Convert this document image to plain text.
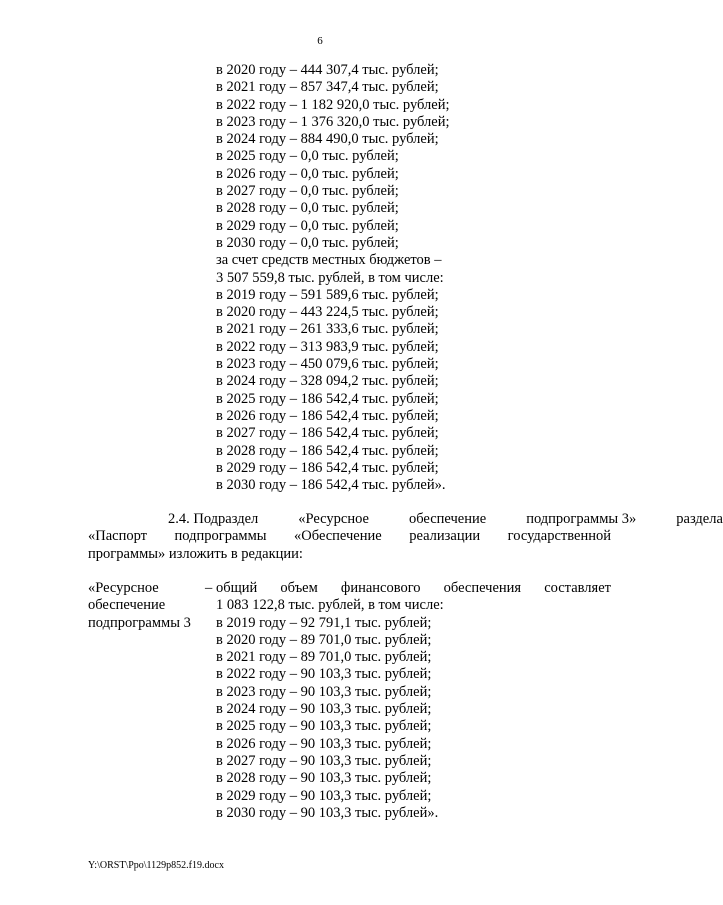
6
в 2020 году – 444 307,4 тыс. рублей;
в 2021 году – 857 347,4 тыс. рублей;
в 2022 году – 1 182 920,0 тыс. рублей;
в 2023 году – 1 376 320,0 тыс. рублей;
в 2024 году – 884 490,0 тыс. рублей;
в 2025 году – 0,0 тыс. рублей;
в 2026 году – 0,0 тыс. рублей;
в 2027 году – 0,0 тыс. рублей;
в 2028 году – 0,0 тыс. рублей;
в 2029 году – 0,0 тыс. рублей;
в 2030 году – 0,0 тыс. рублей;
за счет средств местных бюджетов –
3 507 559,8 тыс. рублей, в том числе:
в 2019 году – 591 589,6 тыс. рублей;
в 2020 году – 443 224,5 тыс. рублей;
в 2021 году – 261 333,6 тыс. рублей;
в 2022 году – 313 983,9 тыс. рублей;
в 2023 году – 450 079,6 тыс. рублей;
в 2024 году – 328 094,2 тыс. рублей;
в 2025 году – 186 542,4 тыс. рублей;
в 2026 году – 186 542,4 тыс. рублей;
в 2027 году – 186 542,4 тыс. рублей;
в 2028 году – 186 542,4 тыс. рублей;
в 2029 году – 186 542,4 тыс. рублей;
в 2030 году – 186 542,4 тыс. рублей».
2.4. Подраздел	«Ресурсное	обеспечение	подпрограммы 3»	раздела
«Паспорт подпрограммы «Обеспечение реализации государственной
программы» изложить в редакции:
«Ресурсное
обеспечение
подпрограммы 3
– общий объем финансового обеспечения составляет
1 083 122,8 тыс. рублей, в том числе:
в 2019 году – 92 791,1 тыс. рублей;
в 2020 году – 89 701,0 тыс. рублей;
в 2021 году – 89 701,0 тыс. рублей;
в 2022 году – 90 103,3 тыс. рублей;
в 2023 году – 90 103,3 тыс. рублей;
в 2024 году – 90 103,3 тыс. рублей;
в 2025 году – 90 103,3 тыс. рублей;
в 2026 году – 90 103,3 тыс. рублей;
в 2027 году – 90 103,3 тыс. рублей;
в 2028 году – 90 103,3 тыс. рублей;
в 2029 году – 90 103,3 тыс. рублей;
в 2030 году – 90 103,3 тыс. рублей».
Y:\ORST\Ppo\1129p852.f19.docx
